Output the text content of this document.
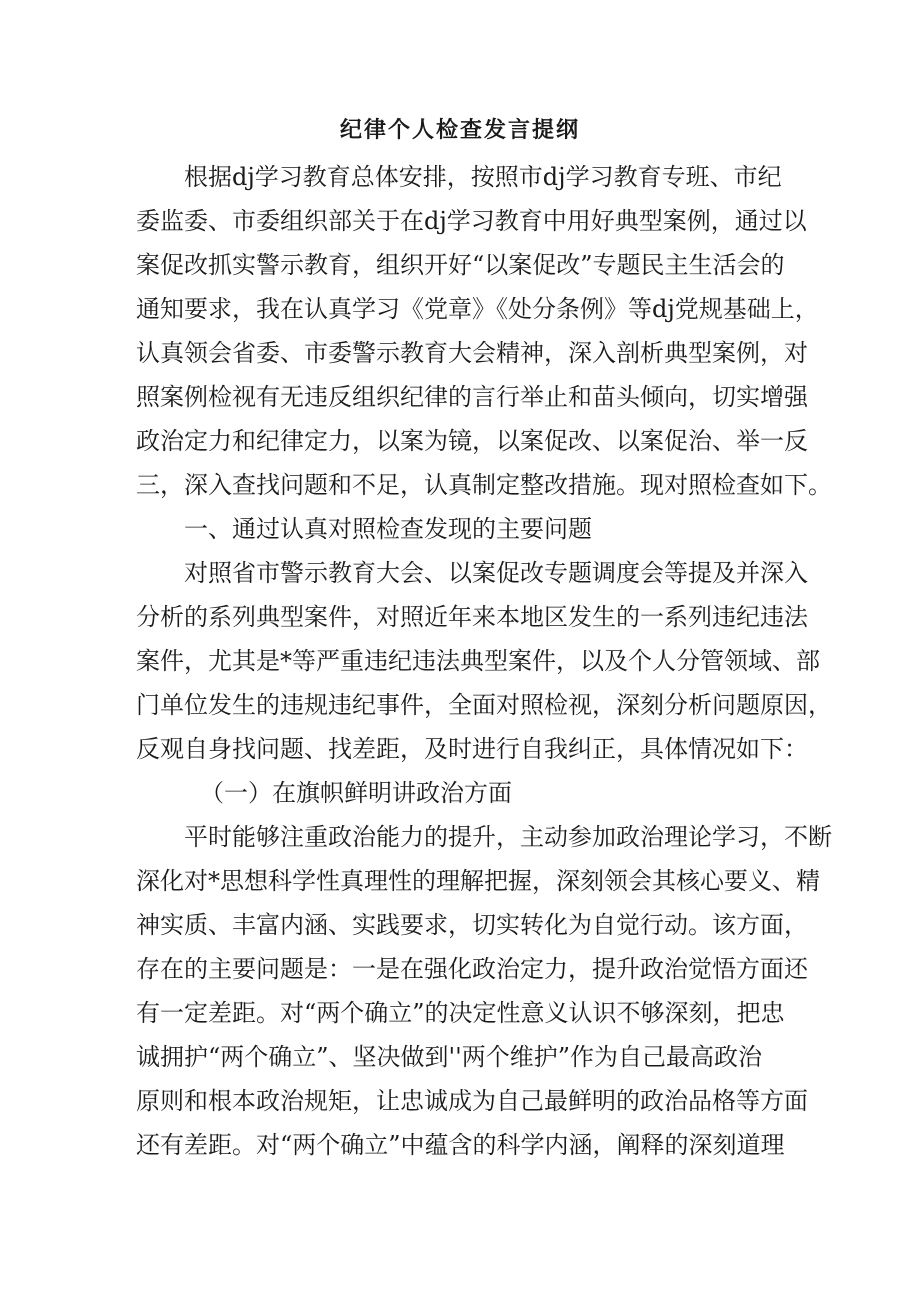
纪律个人检查发言提纲

根据dj学习教育总体安排，按照市dj学习教育专班、市纪

委监委、市委组织部关于在dj学习教育中用好典型案例，通过以

案促改抓实警示教育，组织开好“以案促改”专题民主生活会的

通知要求，我在认真学习《党章》《处分条例》等dj党规基础上，

认真领会省委、市委警示教育大会精神，深入剖析典型案例，对

照案例检视有无违反组织纪律的言行举止和苗头倾向，切实增强

政治定力和纪律定力，以案为镜，以案促改、以案促治、举一反

三，深入查找问题和不足，认真制定整改措施。现对照检查如下。

一、通过认真对照检查发现的主要问题

对照省市警示教育大会、以案促改专题调度会等提及并深入

分析的系列典型案件，对照近年来本地区发生的一系列违纪违法

案件，尤其是*等严重违纪违法典型案件，以及个人分管领域、部

门单位发生的违规违纪事件，全面对照检视，深刻分析问题原因，

反观自身找问题、找差距，及时进行自我纠正，具体情况如下：

（一）在旗帜鲜明讲政治方面

平时能够注重政治能力的提升，主动参加政治理论学习，不断

深化对*思想科学性真理性的理解把握，深刻领会其核心要义、精

神实质、丰富内涵、实践要求，切实转化为自觉行动。该方面，

存在的主要问题是：一是在强化政治定力，提升政治觉悟方面还

有一定差距。对“两个确立”的决定性意义认识不够深刻，把忠

诚拥护“两个确立”、坚决做到''两个维护”作为自己最高政治

原则和根本政治规矩，让忠诚成为自己最鲜明的政治品格等方面

还有差距。对“两个确立”中蕴含的科学内涵，阐释的深刻道理
